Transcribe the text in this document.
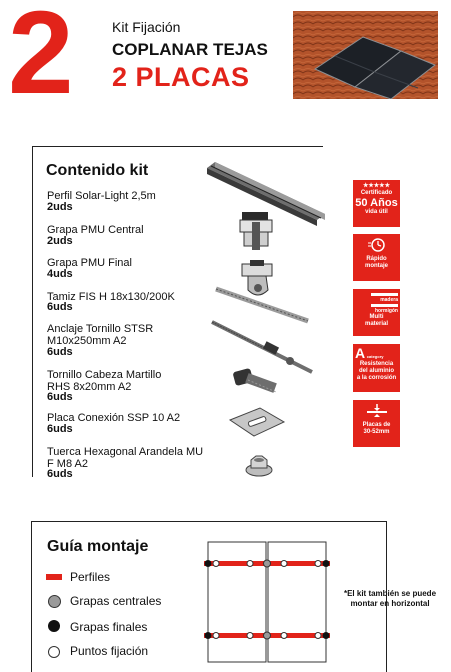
2	Kit Fijación
COPLANAR TEJAS
2 PLACAS
Contenido kit
Perfil Solar-Light 2,5m
2uds
Grapa PMU Central
2uds
Grapa PMU Final
4uds
Tamiz FIS H 18x130/200K
6uds
Anclaje Tornillo STSR M10x250mm A2
6uds
Tornillo Cabeza Martillo RHS 8x20mm A2
6uds
Placa Conexión SSP 10 A2
6uds
Tuerca Hexagonal Arandela MU F M8 A2
6uds
★★★★★
Certificado
50 Años
vida útil
Rápido
montaje
madera
hormigón
Multi
material
A category
Resistencia
del aluminio
a la corrosión
Placas de
30-52mm
Guía montaje
Perfiles
Grapas centrales
Grapas finales
Puntos fijación
*El kit también se puede montar en horizontal
